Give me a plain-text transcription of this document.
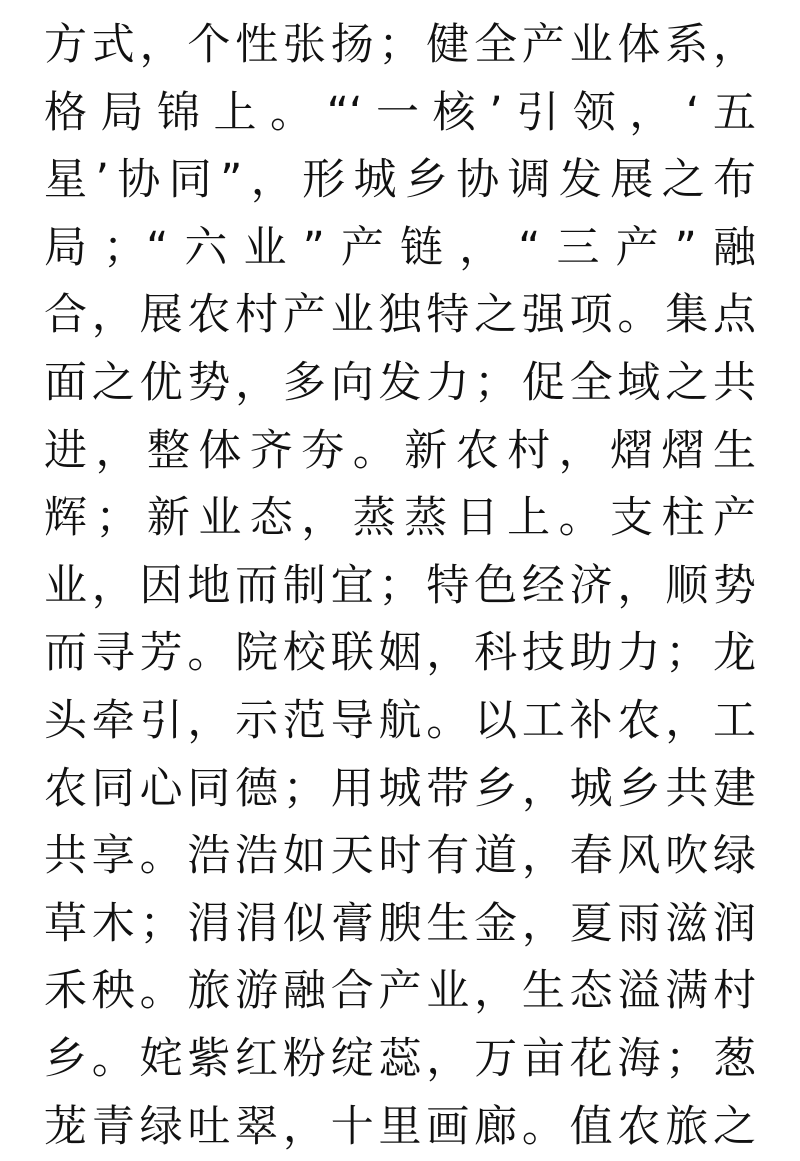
方式，个性张扬；健全产业体系，
格局锦上。“‘一核’引领，‘五
星’协同”，形城乡协调发展之布
局；“六业”产链，“三产”融
合，展农村产业独特之强项。集点
面之优势，多向发力；促全域之共
进，整体齐夯。新农村，熠熠生
辉；新业态，蒸蒸日上。支柱产
业，因地而制宜；特色经济，顺势
而寻芳。院校联姻，科技助力；龙
头牵引，示范导航。以工补农，工
农同心同德；用城带乡，城乡共建
共享。浩浩如天时有道，春风吹绿
草木；涓涓似膏腴生金，夏雨滋润
禾秧。旅游融合产业，生态溢满村
乡。姹紫红粉绽蕊，万亩花海；葱
茏青绿吐翠，十里画廊。值农旅之
